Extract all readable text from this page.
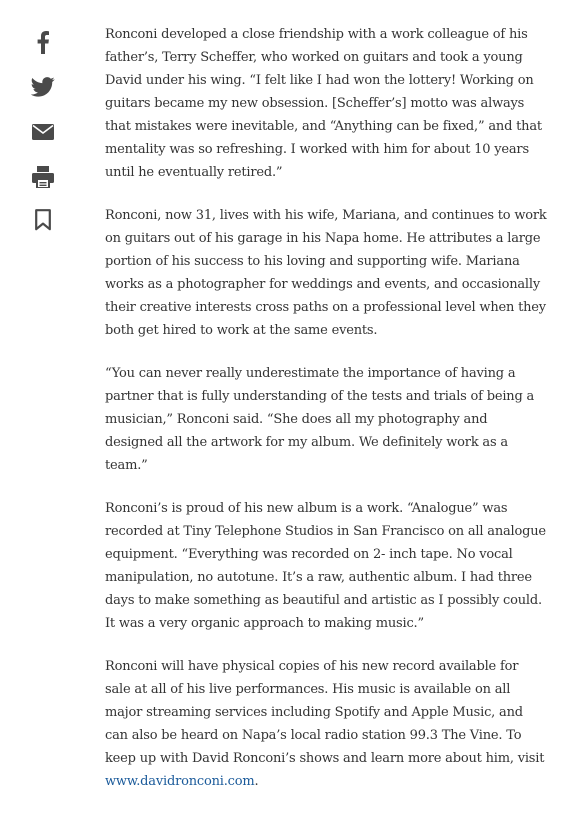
Ronconi developed a close friendship with a work colleague of his father’s, Terry Scheffer, who worked on guitars and took a young David under his wing. “I felt like I had won the lottery! Working on guitars became my new obsession. [Scheffer’s] motto was always that mistakes were inevitable, and “Anything can be fixed,” and that mentality was so refreshing. I worked with him for about 10 years until he eventually retired.”

Ronconi, now 31, lives with his wife, Mariana, and continues to work on guitars out of his garage in his Napa home. He attributes a large portion of his success to his loving and supporting wife. Mariana works as a photographer for weddings and events, and occasionally their creative interests cross paths on a professional level when they both get hired to work at the same events.

“You can never really underestimate the importance of having a partner that is fully understanding of the tests and trials of being a musician,” Ronconi said. “She does all my photography and designed all the artwork for my album. We definitely work as a team.”

Ronconi’s is proud of his new album is a work. “Analogue” was recorded at Tiny Telephone Studios in San Francisco on all analogue equipment. “Everything was recorded on 2- inch tape. No vocal manipulation, no autotune. It’s a raw, authentic album. I had three days to make something as beautiful and artistic as I possibly could. It was a very organic approach to making music.”

Ronconi will have physical copies of his new record available for sale at all of his live performances. His music is available on all major streaming services including Spotify and Apple Music, and can also be heard on Napa’s local radio station 99.3 The Vine. To keep up with David Ronconi’s shows and learn more about him, visit www.davidronconi.com.
